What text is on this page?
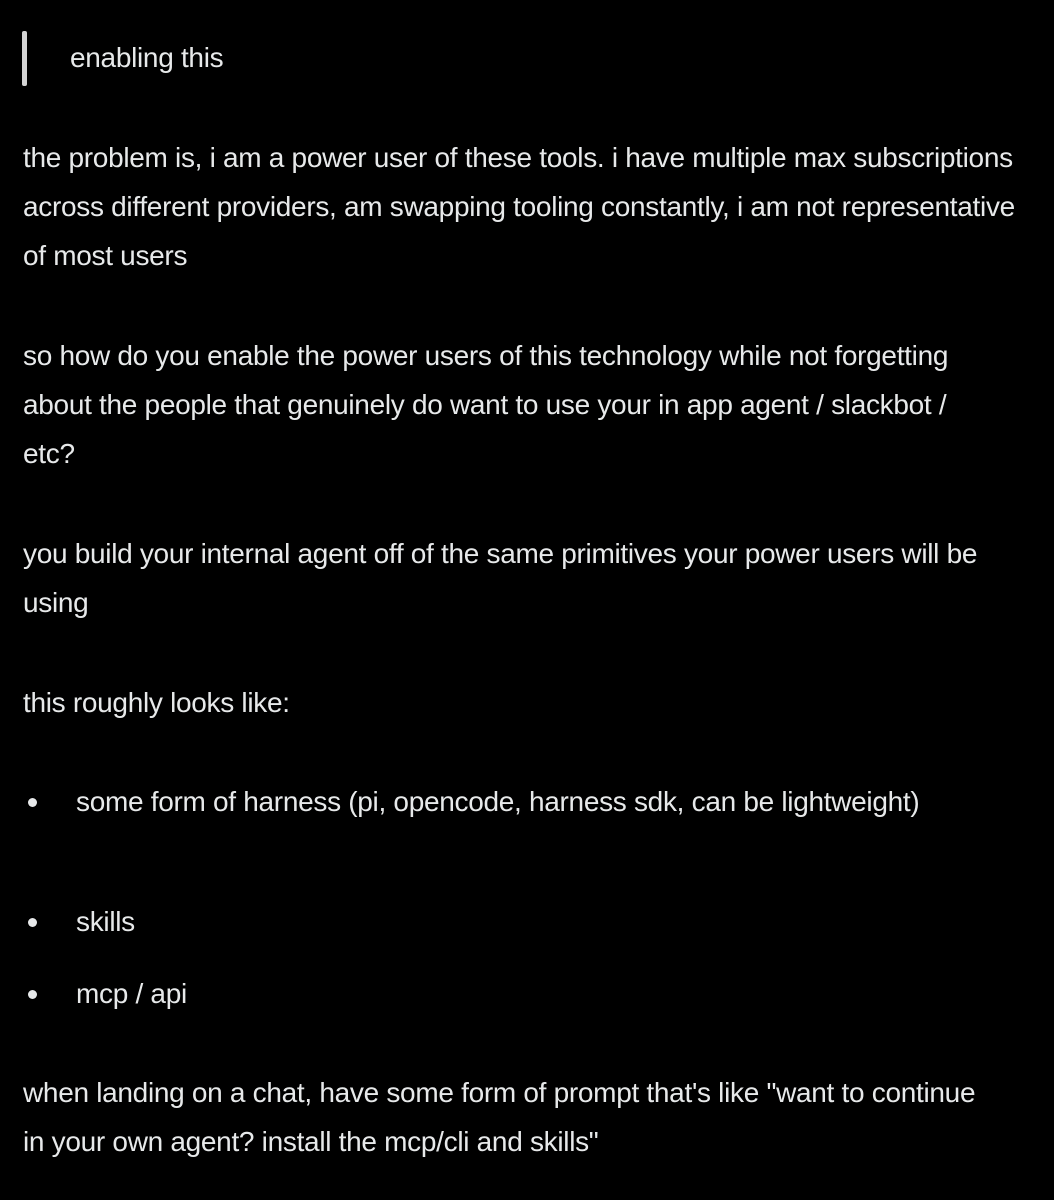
enabling this

the problem is, i am a power user of these tools. i have multiple max subscriptions across different providers, am swapping tooling constantly, i am not representative of most users

so how do you enable the power users of this technology while not forgetting about the people that genuinely do want to use your in app agent / slackbot / etc?

you build your internal agent off of the same primitives your power users will be using

this roughly looks like:

some form of harness (pi, opencode, harness sdk, can be lightweight)

skills

mcp / api

when landing on a chat, have some form of prompt that's like "want to continue in your own agent? install the mcp/cli and skills"
